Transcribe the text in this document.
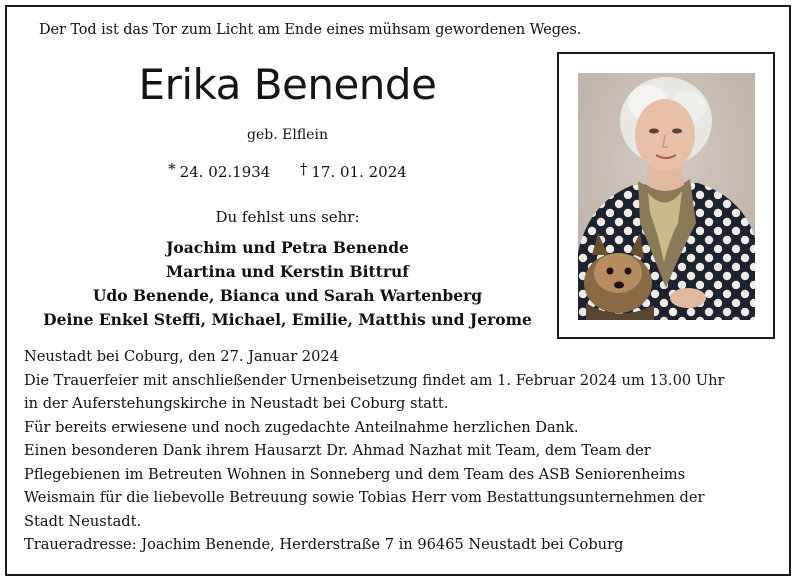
Der Tod ist das Tor zum Licht am Ende eines mühsam gewordenen Weges.
Erika Benende
geb. Elflein
* 24. 02.1934 † 17. 01. 2024
Du fehlst uns sehr:
Joachim und Petra Benende
Martina und Kerstin Bittruf
Udo Benende, Bianca und Sarah Wartenberg
Deine Enkel Steffi, Michael, Emilie, Matthis und Jerome
Neustadt bei Coburg, den 27. Januar 2024
Die Trauerfeier mit anschließender Urnenbeisetzung findet am 1. Februar 2024 um 13.00 Uhr
in der Auferstehungskirche in Neustadt bei Coburg statt.
Für bereits erwiesene und noch zugedachte Anteilnahme herzlichen Dank.
Einen besonderen Dank ihrem Hausarzt Dr. Ahmad Nazhat mit Team, dem Team der
Pflegebienen im Betreuten Wohnen in Sonneberg und dem Team des ASB Seniorenheims
Weismain für die liebevolle Betreuung sowie Tobias Herr vom Bestattungsunternehmen der
Stadt Neustadt.
Traueradresse: Joachim Benende, Herderstraße 7 in 96465 Neustadt bei Coburg
